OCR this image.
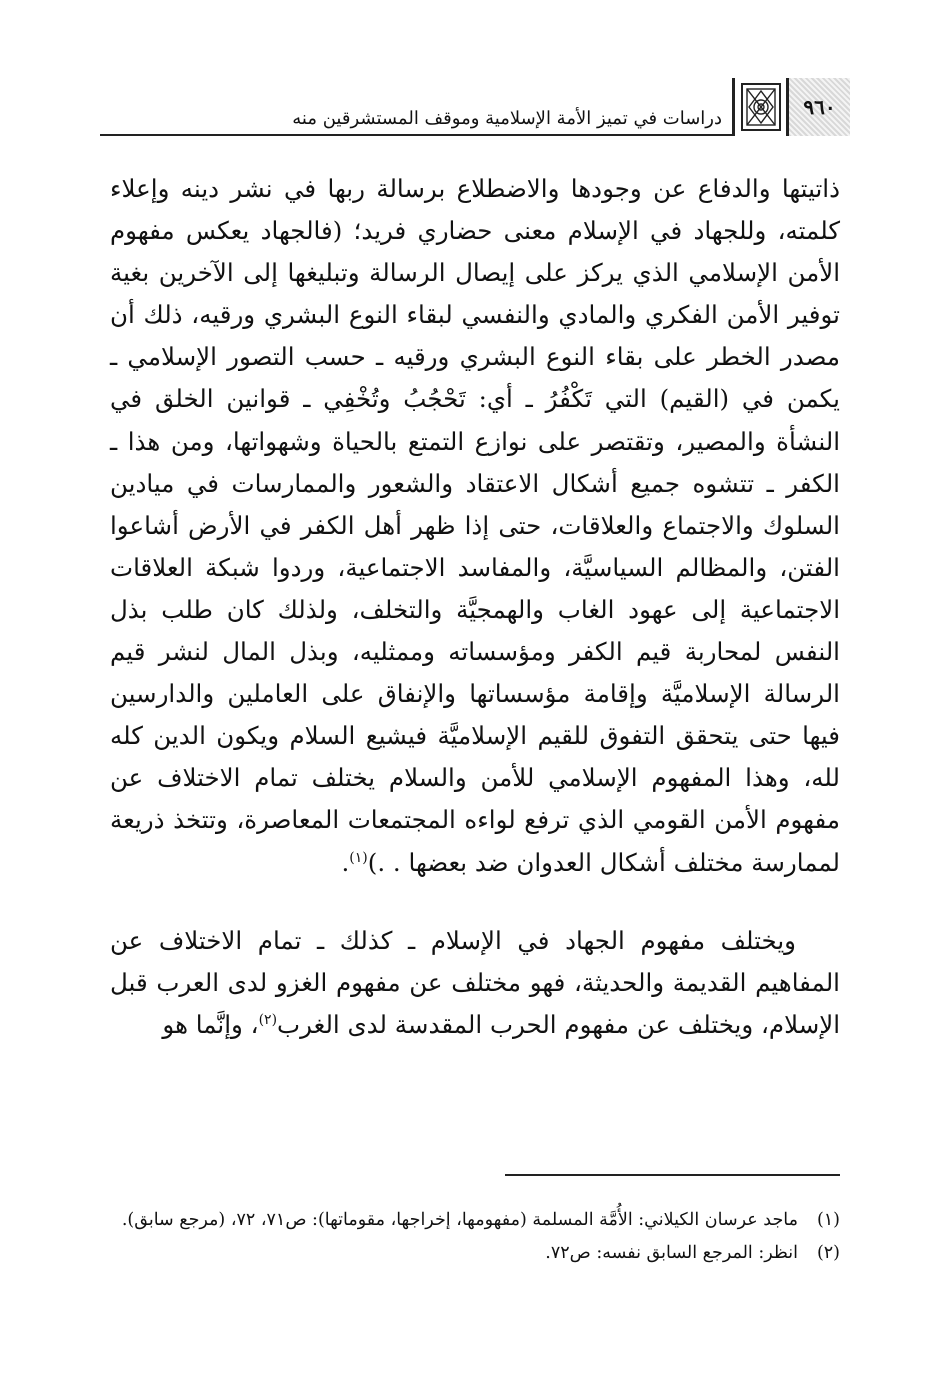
دراسات في تميز الأمة الإسلامية وموقف المستشرقين منه	٩٦٠

ذاتيتها والدفاع عن وجودها والاضطلاع برسالة ربها في نشر دينه وإعلاء كلمته، وللجهاد في الإسلام معنى حضاري فريد؛ (فالجهاد يعكس مفهوم الأمن الإسلامي الذي يركز على إيصال الرسالة وتبليغها إلى الآخرين بغية توفير الأمن الفكري والمادي والنفسي لبقاء النوع البشري ورقيه، ذلك أن مصدر الخطر على بقاء النوع البشري ورقيه ـ حسب التصور الإسلامي ـ يكمن في (القيم) التي تَكْفُرُ ـ أي: تَحْجُبُ وتُخْفِي ـ قوانين الخلق في النشأة والمصير، وتقتصر على نوازع التمتع بالحياة وشهواتها، ومن هذا ـ الكفر ـ تتشوه جميع أشكال الاعتقاد والشعور والممارسات في ميادين السلوك والاجتماع والعلاقات، حتى إذا ظهر أهل الكفر في الأرض أشاعوا الفتن، والمظالم السياسيَّة، والمفاسد الاجتماعية، وردوا شبكة العلاقات الاجتماعية إلى عهود الغاب والهمجيَّة والتخلف، ولذلك كان طلب بذل النفس لمحاربة قيم الكفر ومؤسساته وممثليه، وبذل المال لنشر قيم الرسالة الإسلاميَّة وإقامة مؤسساتها والإنفاق على العاملين والدارسين فيها حتى يتحقق التفوق للقيم الإسلاميَّة فيشيع السلام ويكون الدين كله لله، وهذا المفهوم الإسلامي للأمن والسلام يختلف تمام الاختلاف عن مفهوم الأمن القومي الذي ترفع لواءه المجتمعات المعاصرة، وتتخذ ذريعة لممارسة مختلف أشكال العدوان ضد بعضها . .)$^{(١)}$.

ويختلف مفهوم الجهاد في الإسلام ـ كذلك ـ تمام الاختلاف عن المفاهيم القديمة والحديثة، فهو مختلف عن مفهوم الغزو لدى العرب قبل الإسلام، ويختلف عن مفهوم الحرب المقدسة لدى الغرب$^{(٢)}$، وإنَّما هو

(١)
ماجد عرسان الكيلاني: الأُمَّة المسلمة (مفهومها، إخراجها، مقوماتها): ص٧١، ٧٢، (مرجع سابق).
(٢)
انظر: المرجع السابق نفسه: ص٧٢.
